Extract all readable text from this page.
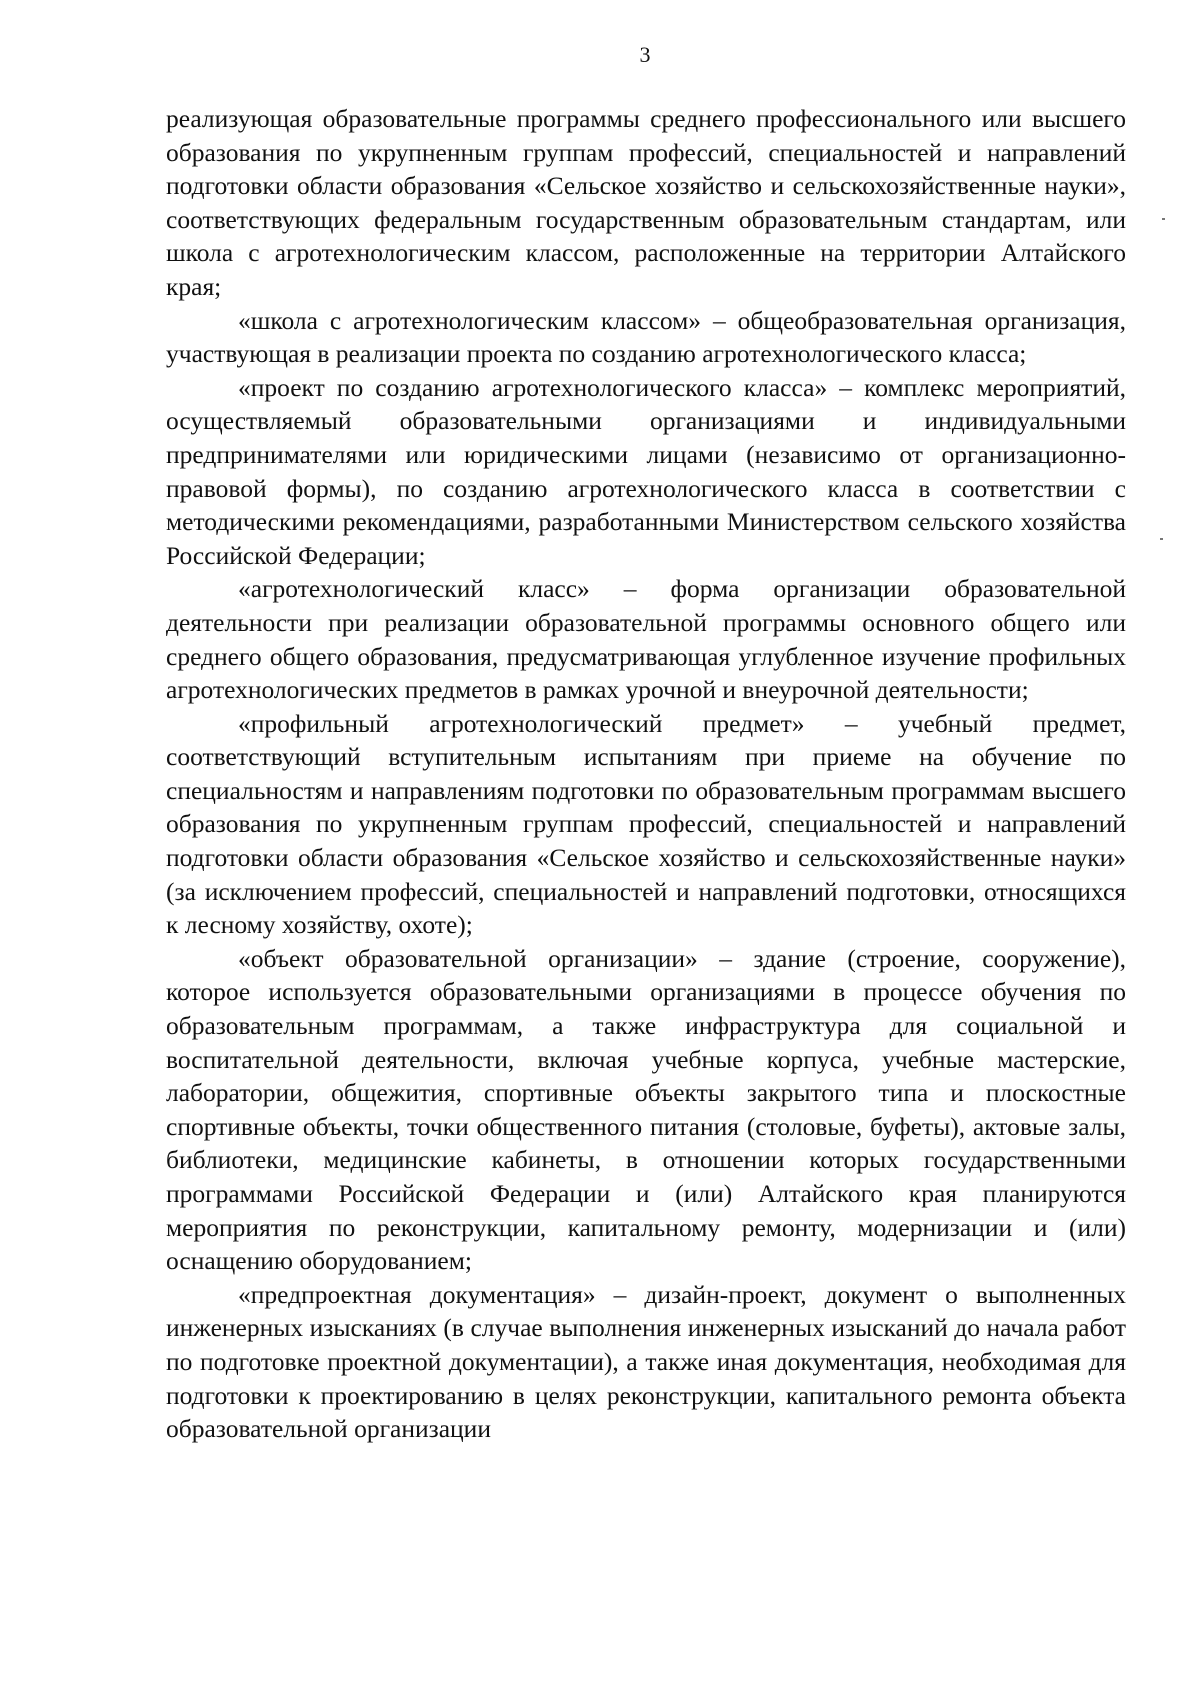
3

реализующая образовательные программы среднего профессионального или высшего образования по укрупненным группам профессий, специальностей и направлений подготовки области образования «Сельское хозяйство и сельскохозяйственные науки», соответствующих федеральным государственным образовательным стандартам, или школа с агротехнологическим классом, расположенные на территории Алтайского края;

«школа с агротехнологическим классом» – общеобразовательная организация, участвующая в реализации проекта по созданию агротехнологического класса;

«проект по созданию агротехнологического класса» – комплекс мероприятий, осуществляемый образовательными организациями и индивидуальными предпринимателями или юридическими лицами (независимо от организационно-правовой формы), по созданию агротехнологического класса в соответствии с методическими рекомендациями, разработанными Министерством сельского хозяйства Российской Федерации;

«агротехнологический класс» – форма организации образовательной деятельности при реализации образовательной программы основного общего или среднего общего образования, предусматривающая углубленное изучение профильных агротехнологических предметов в рамках урочной и внеурочной деятельности;

«профильный агротехнологический предмет» – учебный предмет, соответствующий вступительным испытаниям при приеме на обучение по специальностям и направлениям подготовки по образовательным программам высшего образования по укрупненным группам профессий, специальностей и направлений подготовки области образования «Сельское хозяйство и сельскохозяйственные науки» (за исключением профессий, специальностей и направлений подготовки, относящихся к лесному хозяйству, охоте);

«объект образовательной организации» – здание (строение, сооружение), которое используется образовательными организациями в процессе обучения по образовательным программам, а также инфраструктура для социальной и воспитательной деятельности, включая учебные корпуса, учебные мастерские, лаборатории, общежития, спортивные объекты закрытого типа и плоскостные спортивные объекты, точки общественного питания (столовые, буфеты), актовые залы, библиотеки, медицинские кабинеты, в отношении которых государственными программами Российской Федерации и (или) Алтайского края планируются мероприятия по реконструкции, капитальному ремонту, модернизации и (или) оснащению оборудованием;

«предпроектная документация» – дизайн-проект, документ о выполненных инженерных изысканиях (в случае выполнения инженерных изысканий до начала работ по подготовке проектной документации), а также иная документация, необходимая для подготовки к проектированию в целях реконструкции, капитального ремонта объекта образовательной организации
